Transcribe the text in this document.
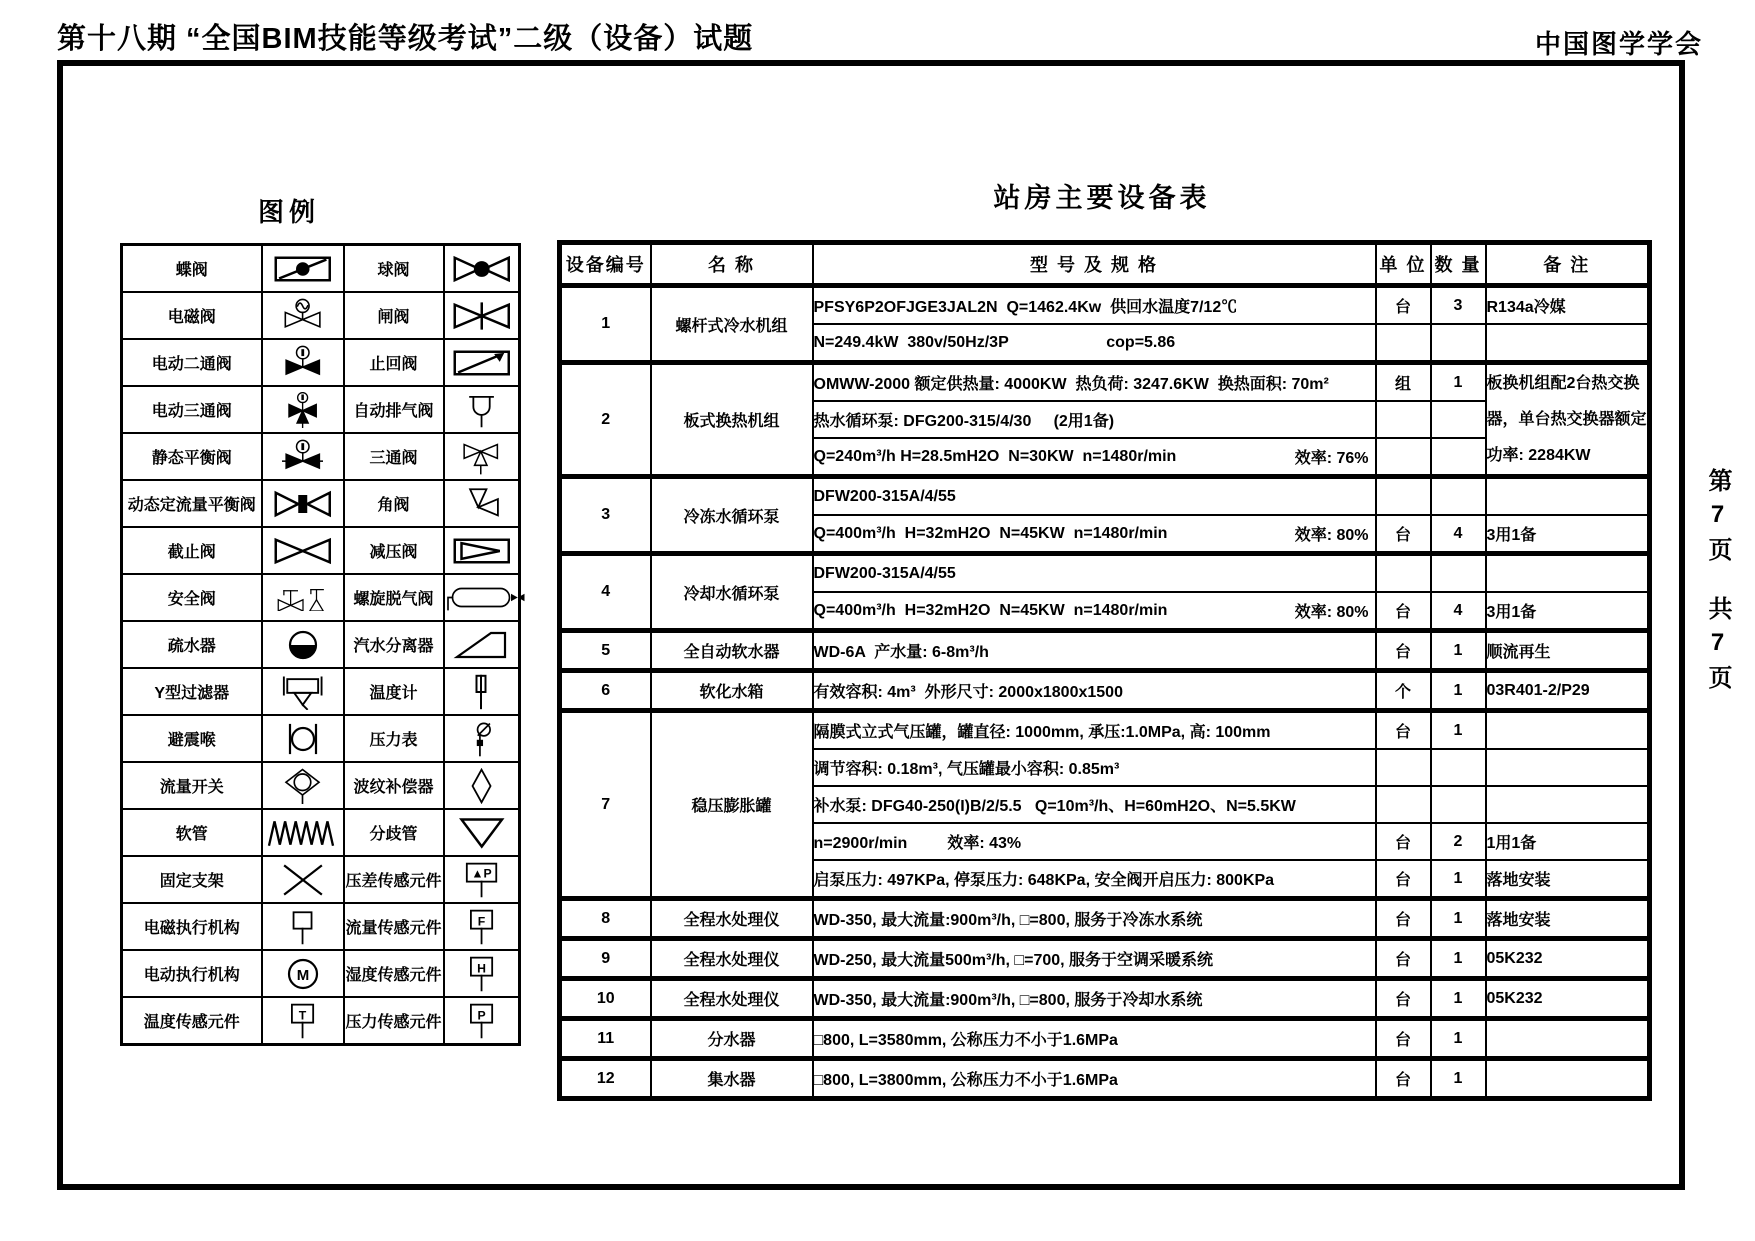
第十八期 “全国BIM技能等级考试”二级（设备）试题	中国图学学会
第7页
共7页
图例
蝶阀		球阀	
电磁阀		闸阀	
电动二通阀		止回阀	
电动三通阀		自动排气阀	
静态平衡阀		三通阀	
动态定流量平衡阀		角阀	
截止阀		减压阀	
安全阀		螺旋脱气阀	
疏水器		汽水分离器	
Y型过滤器		温度计	
避震喉		压力表	
流量开关		波纹补偿器	
软管		分歧管	
固定支架		压差传感元件	▲P

电磁执行机构		流量传感元件	F

电动执行机构	M	湿度传感元件	H

温度传感元件	T	压力传感元件	P
站房主要设备表
设备编号	名 称	型 号 及 规 格	单 位	数 量	备 注
1	螺杆式冷水机组	PFSY6P2OFJGE3JAL2N  Q=1462.4Kw  供回水温度7/12℃	台	3	R134a冷媒

		N=249.4kW  380v/50Hz/3P                      cop=5.86			

2	板式换热机组	OMWW-2000 额定供热量: 4000KW  热负荷: 3247.6KW  换热面积: 70m²	组	1	板换机组配2台热交换
器，单台热交换器额定
功率: 2284KW

		热水循环泵: DFG200-315/4/30     (2用1备)			

		Q=240m³/h H=28.5mH2O  N=30KW  n=1480r/min 效率: 76%			

3	冷冻水循环泵	DFW200-315A/4/55			

		Q=400m³/h  H=32mH2O  N=45KW  n=1480r/min 效率: 80%	台	4	3用1备
4	冷却水循环泵	DFW200-315A/4/55			

		Q=400m³/h  H=32mH2O  N=45KW  n=1480r/min 效率: 80%	台	4	3用1备
5	全自动软水器	WD-6A  产水量: 6-8m³/h	台	1	顺流再生
6	软化水箱	有效容积: 4m³  外形尺寸: 2000x1800x1500	个	1	03R401-2/P29
7	稳压膨胀罐	隔膜式立式气压罐，罐直径: 1000mm, 承压:1.0MPa, 高: 100mm	台	1	

		调节容积: 0.18m³, 气压罐最小容积: 0.85m³			

		补水泵: DFG40-250(I)B/2/5.5   Q=10m³/h、H=60mH2O、N=5.5KW			

		n=2900r/min         效率: 43%	台	2	1用1备

		启泵压力: 497KPa, 停泵压力: 648KPa, 安全阀开启压力: 800KPa	台	1	落地安装
8	全程水处理仪	WD-350, 最大流量:900m³/h, □=800, 服务于冷冻水系统	台	1	落地安装
9	全程水处理仪	WD-250, 最大流量500m³/h, □=700, 服务于空调采暖系统	台	1	05K232
10	全程水处理仪	WD-350, 最大流量:900m³/h, □=800, 服务于冷却水系统	台	1	05K232
11	分水器	□800, L=3580mm, 公称压力不小于1.6MPa	台	1	
12	集水器	□800, L=3800mm, 公称压力不小于1.6MPa	台	1	
